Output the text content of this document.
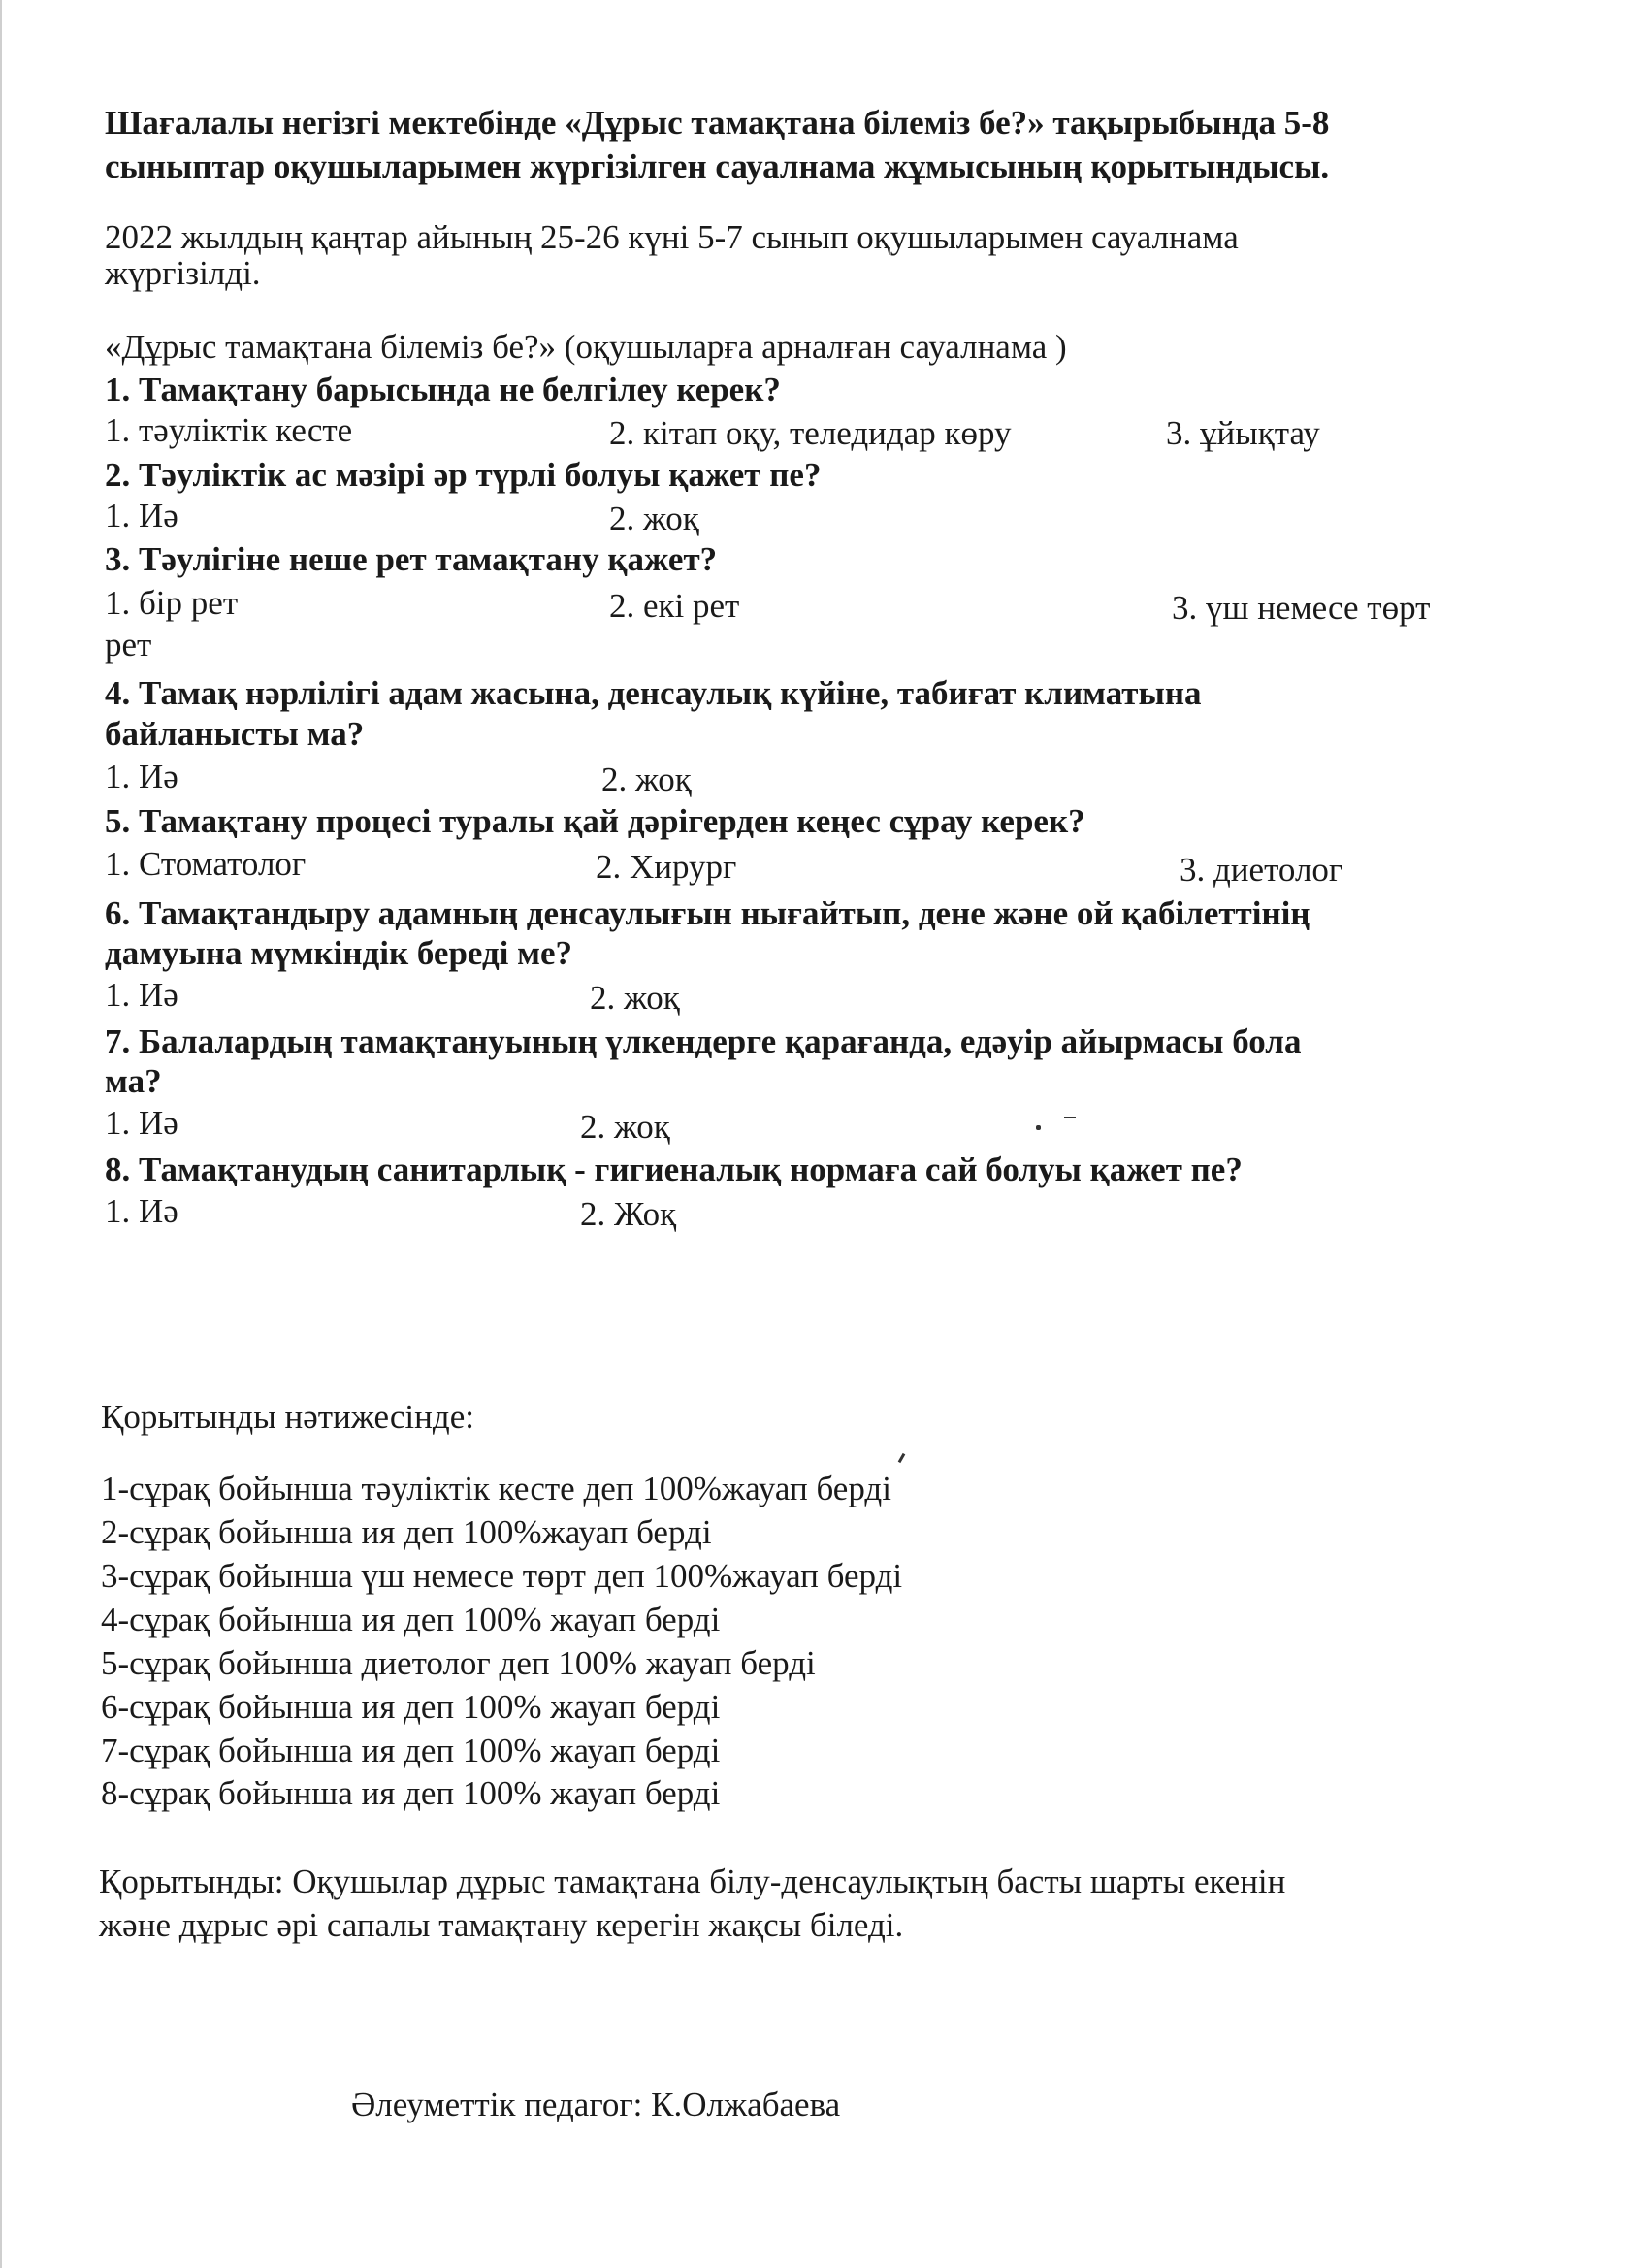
Шағалалы негізгі мектебінде «Дұрыс тамақтана білеміз бе?» тақырыбында 5-8
сыныптар оқушыларымен жүргізілген сауалнама жұмысының қорытындысы.
2022 жылдың қаңтар айының 25-26 күні 5-7 сынып оқушыларымен сауалнама
жүргізілді.
«Дұрыс тамақтана білеміз бе?» (оқушыларға арналған сауалнама )
1. Тамақтану барысында не белгілеу керек?
1. тәуліктік кесте	2. кітап оқу, теледидар көру	3. ұйықтау
2. Тәуліктік ас мәзірі әр түрлі болуы қажет пе?
1. Иә	2. жоқ
3. Тәулігіне неше рет тамақтану қажет?
1. бір рет	2. екі рет	3. үш немесе төрт
рет
4. Тамақ нәрлілігі адам жасына, денсаулық күйіне, табиғат климатына
байланысты ма?
1. Иә	2. жоқ
5. Тамақтану процесі туралы қай дәрігерден кеңес сұрау керек?
1. Стоматолог	2. Хирург	3. диетолог
6. Тамақтандыру адамның денсаулығын нығайтып, дене және ой қабілеттінің
дамуына мүмкіндік береді ме?
1. Иә	2. жоқ
7. Балалардың тамақтануының үлкендерге қарағанда, едәуір айырмасы бола
ма?
1. Иә	2. жоқ
8. Тамақтанудың санитарлық - гигиеналық нормаға сай болуы қажет пе?
1. Иә	2. Жоқ
Қорытынды нәтижесінде:
1-сұрақ бойынша тәуліктік кесте деп 100%жауап берді
2-сұрақ бойынша ия деп 100%жауап берді
3-сұрақ бойынша үш немесе төрт деп 100%жауап берді
4-сұрақ бойынша ия деп 100% жауап берді
5-сұрақ бойынша диетолог деп 100% жауап берді
6-сұрақ бойынша ия деп 100% жауап берді
7-сұрақ бойынша ия деп 100% жауап берді
8-сұрақ бойынша ия деп 100% жауап берді
Қорытынды: Оқушылар дұрыс тамақтана білу-денсаулықтың басты шарты екенін
және дұрыс әрі сапалы тамақтану керегін жақсы біледі.
Әлеуметтік педагог: К.Олжабаева
